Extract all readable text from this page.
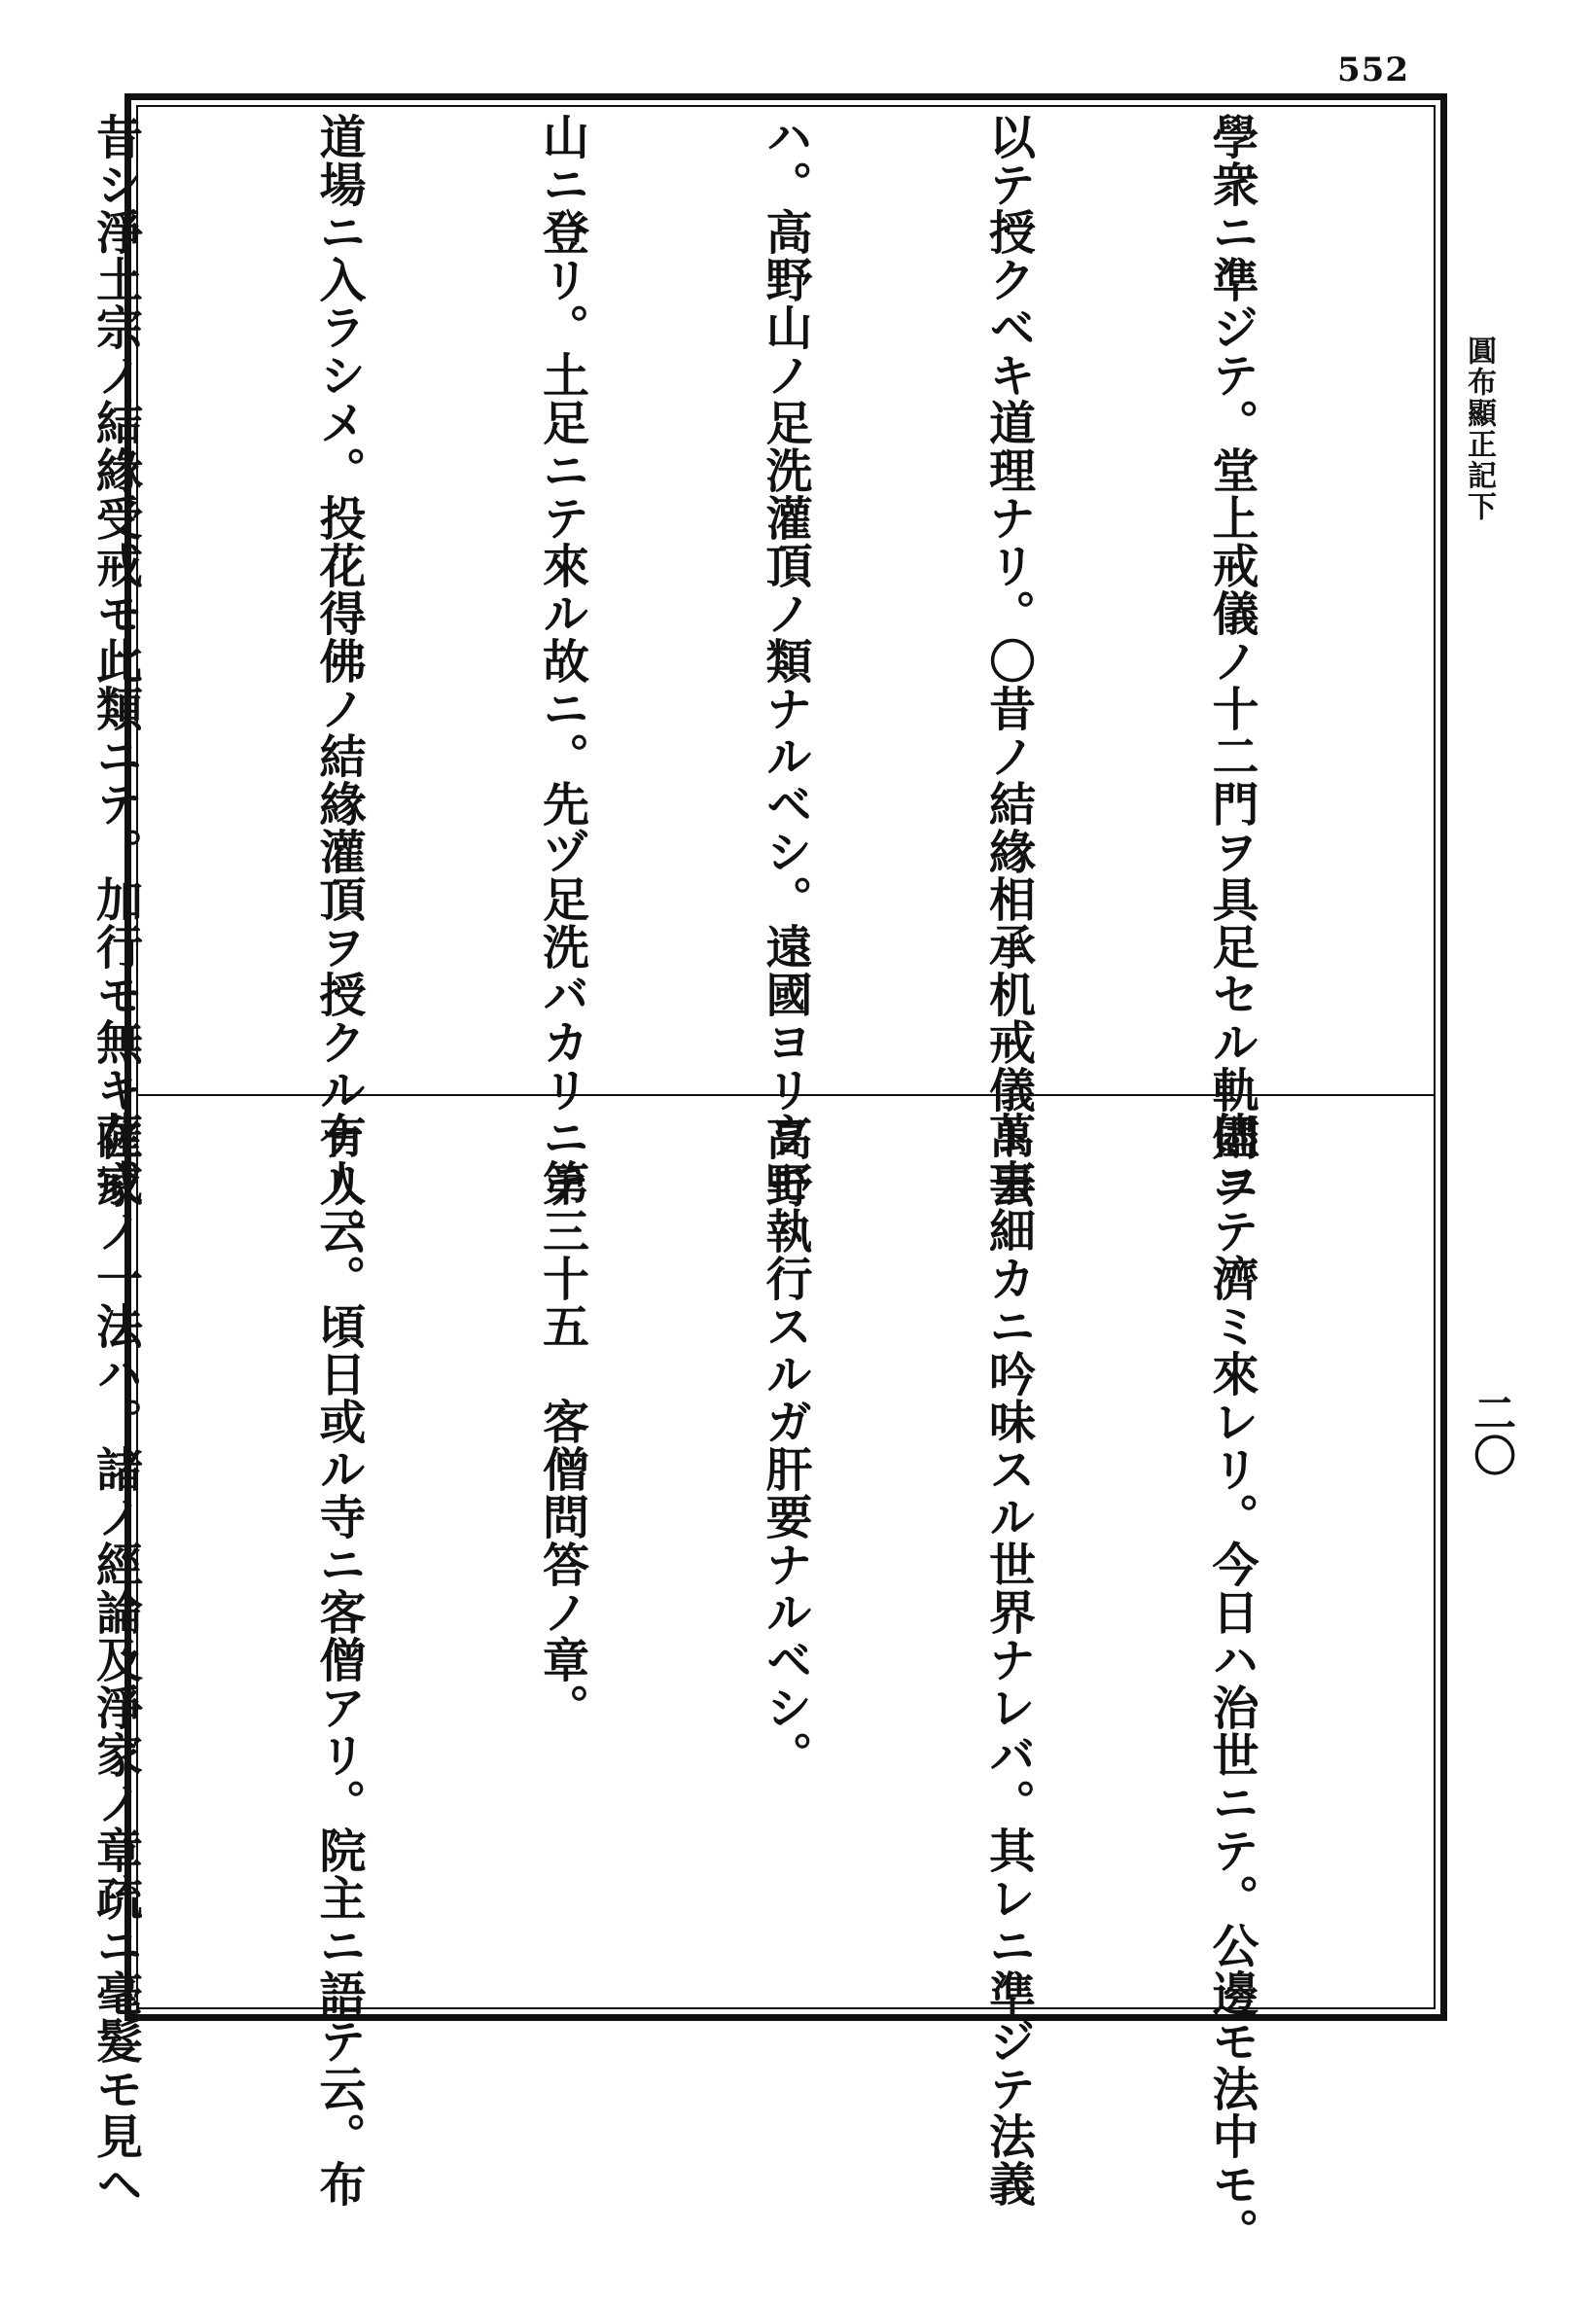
552
圓布顯正記下
二〇

學衆ニ準ジテ。堂上戒儀ノ十二門ヲ具足セル軌則ヲ

以テ授クベキ道理ナリ。〇昔ノ結緣相承机戒儀ト云

ハ。高野山ノ足洗灌頂ノ類ナルベシ。遠國ヨリ高野

山ニ登リ。土足ニテ來ル故ニ。先ヅ足洗バカリニテ

道場ニ入ラシメ。投花得佛ノ結緣灌頂ヲ授クルナリ。

昔シ淨土宗ノ結緣受戒モ此類ニテ。加行モ無キ在家

儘ニテ濟ミ來レリ。今日ハ治世ニテ。公邊モ法中モ。

萬事細カニ吟味スル世界ナレバ。其レニ準ジテ法義

ヲモ執行スルガ肝要ナルベシ。

　第三十五　客僧問答ノ章。

有人云。頃日或ル寺ニ客僧アリ。院主ニ語テ云。布

薩戒ノ一法ハ。諸ノ經論及淨家ノ章疏ニ毫髮モ見ヘ
